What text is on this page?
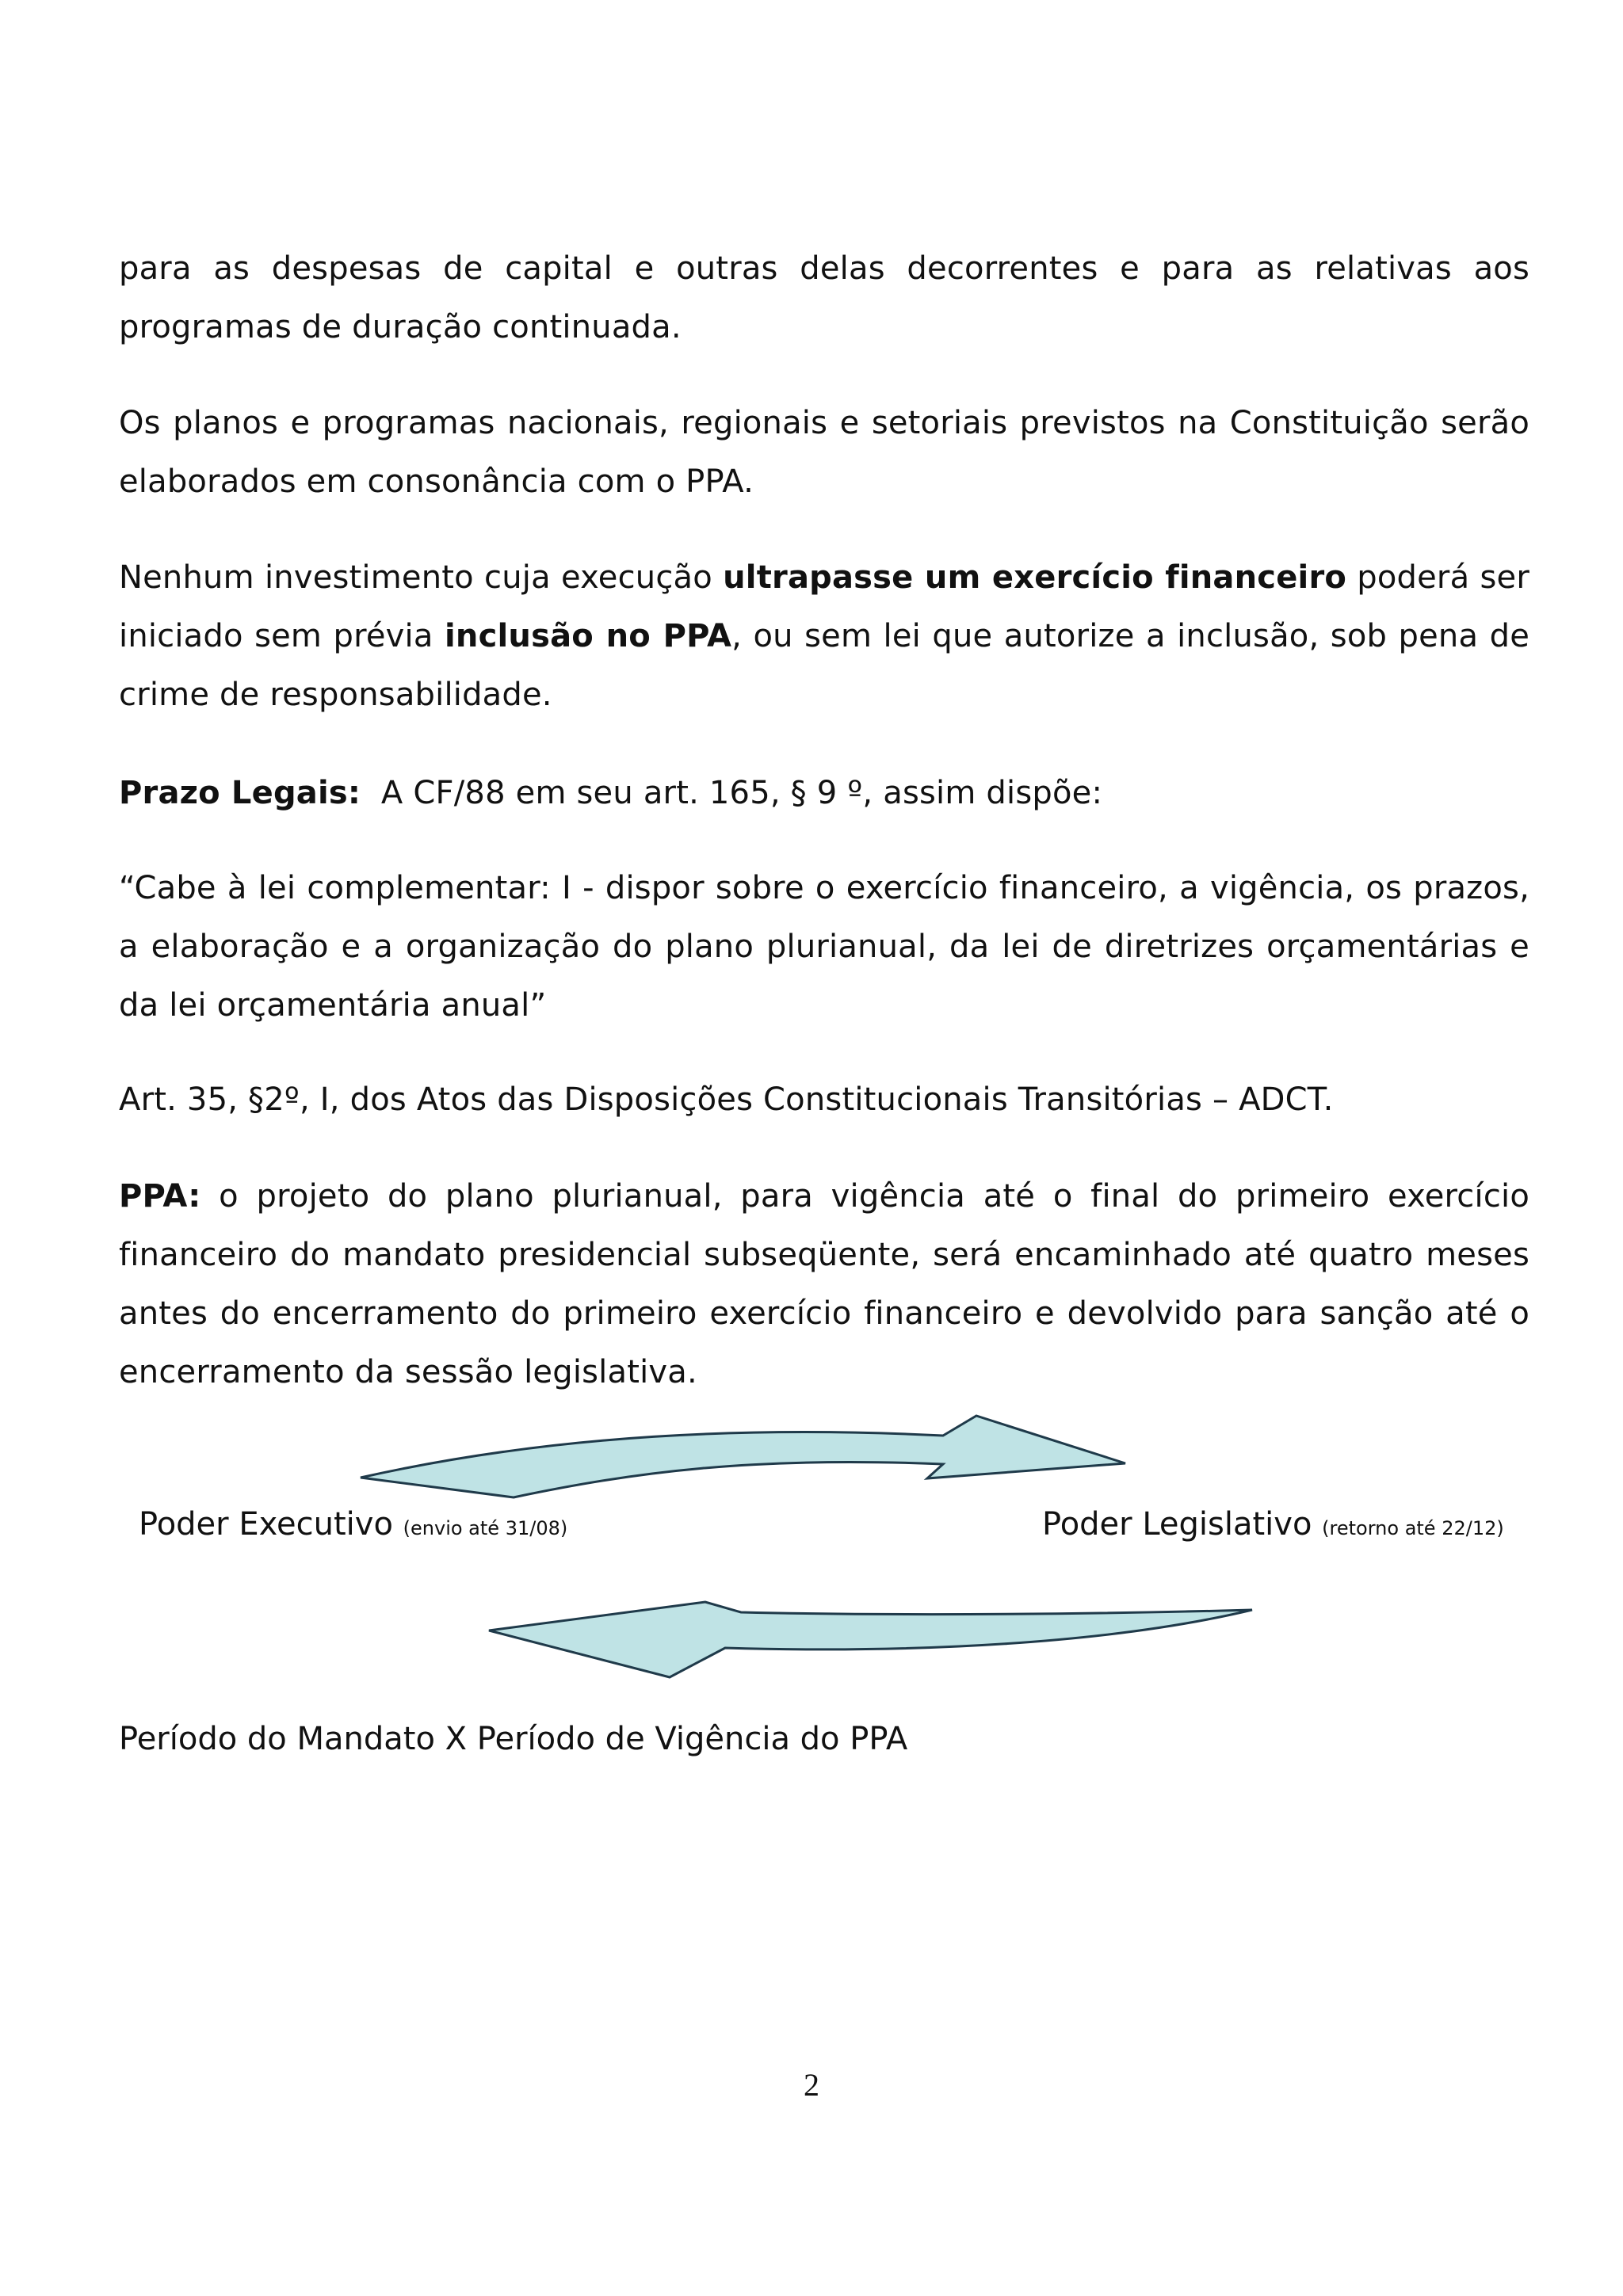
para as despesas de capital e outras delas decorrentes e para as relativas aos programas de duração continuada.

Os planos e programas nacionais, regionais e setoriais previstos na Constituição serão elaborados em consonância com o PPA.

Nenhum investimento cuja execução ultrapasse um exercício financeiro poderá ser iniciado sem prévia inclusão no PPA, ou sem lei que autorize a inclusão, sob pena de crime de responsabilidade.

Prazo Legais:  A CF/88 em seu art. 165, § 9 º, assim dispõe:

“Cabe à lei complementar: I - dispor sobre o exercício financeiro, a vigência, os prazos, a elaboração e a organização do plano plurianual, da lei de diretrizes orçamentárias e da lei orçamentária anual”

Art. 35, §2º, I, dos Atos das Disposições Constitucionais Transitórias – ADCT.

PPA: o projeto do plano plurianual, para vigência até o final do primeiro exercício financeiro do mandato presidencial subseqüente, será encaminhado até quatro meses antes do encerramento do primeiro exercício financeiro e devolvido para sanção até o encerramento da sessão legislativa.

Poder Executivo (envio até 31/08)	Poder Legislativo (retorno até 22/12)
Período do Mandato X Período de Vigência do PPA
2
